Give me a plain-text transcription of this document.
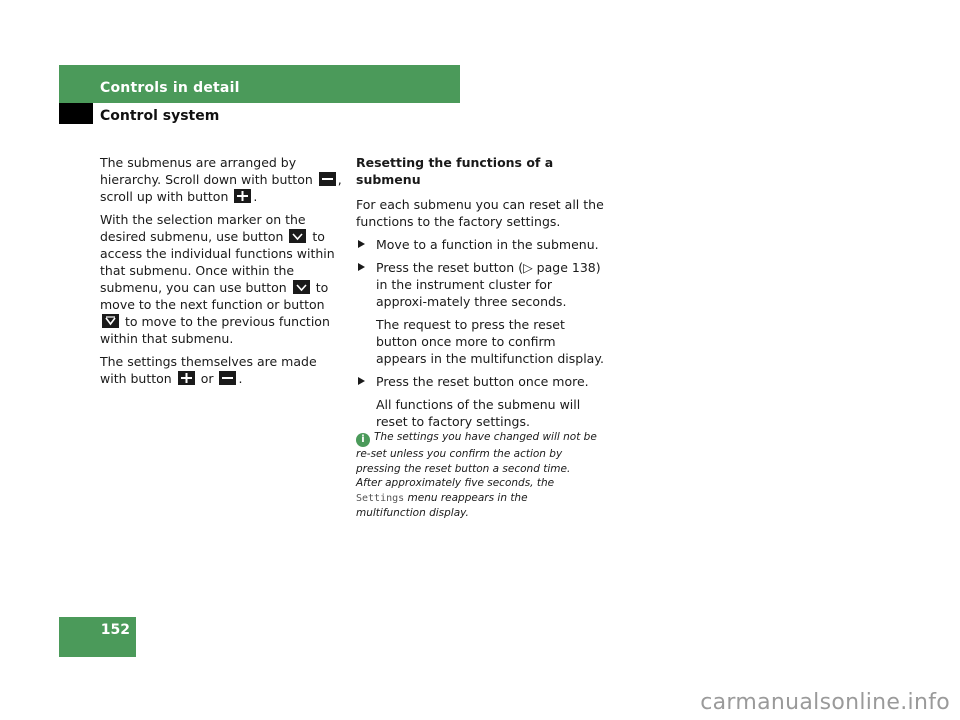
Controls in detail
Control system

The submenus are arranged by hierarchy. Scroll down with button , scroll up with button .

With the selection marker on the desired submenu, use button to access the individual functions within that submenu. Once within the submenu, you can use button to move to the next function or button
to move to the previous function within that submenu.

The settings themselves are made with button or .

Resetting the functions of a submenu

For each submenu you can reset all the functions to the factory settings.

Move to a function in the submenu.
Press the reset button (▷ page 138) in the instrument cluster for approxi-mately three seconds.

The request to press the reset button once more to confirm appears in the multifunction display.

Press the reset button once more.

All functions of the submenu will reset to factory settings.

i The settings you have changed will not be re-set unless you confirm the action by pressing the reset button a second time. After approximately five seconds, the Settings menu reappears in the multifunction display.
152
carmanualsonline.info
